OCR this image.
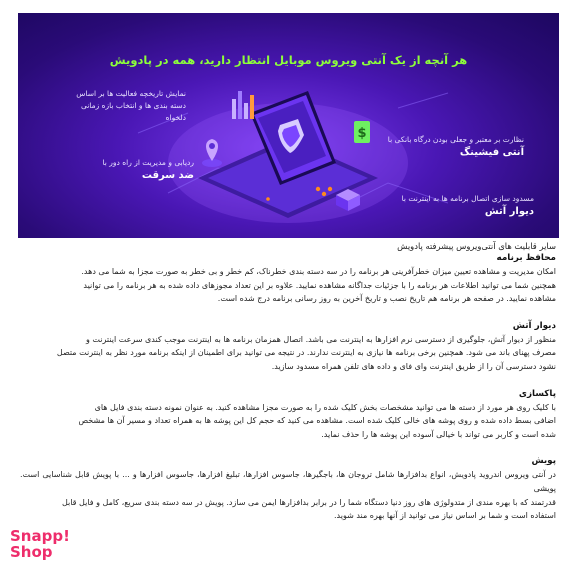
$
هر آنچه از یک آنتی ویروس موبایل انتظار دارید، همه در پادویش
نمایش تاریخچه فعالیت ها بر اساس دسته بندی ها و انتخاب بازه زمانی دلخواه
ردیابی و مدیریت از راه دور با
ضد سرقت
نظارت بر معتبر و جعلی بودن درگاه بانکی با
آنتی فیشینگ
مسدود سازی اتصال برنامه ها به اینترنت با
دیوار آتش
سایر قابلیت های آنتی‌ویروس پیشرفته پادویش
محافظ برنامه
امکان مدیریت و مشاهده تعیین میزان خطرآفرینی هر برنامه را در سه دسته بندی خطرناک، کم خطر و بی خطر به صورت مجزا به شما می دهد.
همچنین شما می توانید اطلاعات هر برنامه را با جزئیات جداگانه مشاهده نمایید. علاوه بر این تعداد مجوزهای داده شده به هر برنامه را می توانید
مشاهده نمایید. در صفحه هر برنامه هم تاریخ نصب و تاریخ آخرین به روز رسانی برنامه درج شده است.
دیوار آتش
منظور از دیوار آتش، جلوگیری از دسترسی نرم افزارها به اینترنت می باشد. اتصال همزمان برنامه ها به اینترنت موجب کندی سرعت اینترنت و
مصرف پهنای باند می شود. همچنین برخی برنامه ها نیازی به اینترنت ندارند. در نتیجه می توانید برای اطمینان از اینکه برنامه مورد نظر به اینترنت متصل
نشود دسترسی آن را از طریق اینترنت وای فای و داده های تلفن همراه مسدود سازید.
پاکسازی
با کلیک روی هر مورد از دسته ها می توانید مشخصات بخش کلیک شده را به صورت مجزا مشاهده کنید. به عنوان نمونه دسته بندی فایل های
اضافی بسط داده شده و روی پوشه های خالی کلیک شده است. مشاهده می کنید که حجم کل این پوشه ها به همراه تعداد و مسیر آن ها مشخص
شده است و کاربر می تواند با خیالی آسوده این پوشه ها را حذف نماید.
پویش
در آنتی ویروس اندروید پادویش، انواع بدافزارها شامل تروجان ها، باجگیرها، جاسوس افزارها، تبلیغ افزارها، جاسوس افزارها و ... با پویش قابل شناسایی است. پویشی
قدرتمند که با بهره مندی از متدولوژی های روز دنیا دستگاه شما را در برابر بدافزارها ایمن می سازد. پویش در سه دسته بندی سریع، کامل و فایل قابل
استفاده است و شما بر اساس نیاز می توانید از آنها بهره مند شوید.
Snapp!
Shop
